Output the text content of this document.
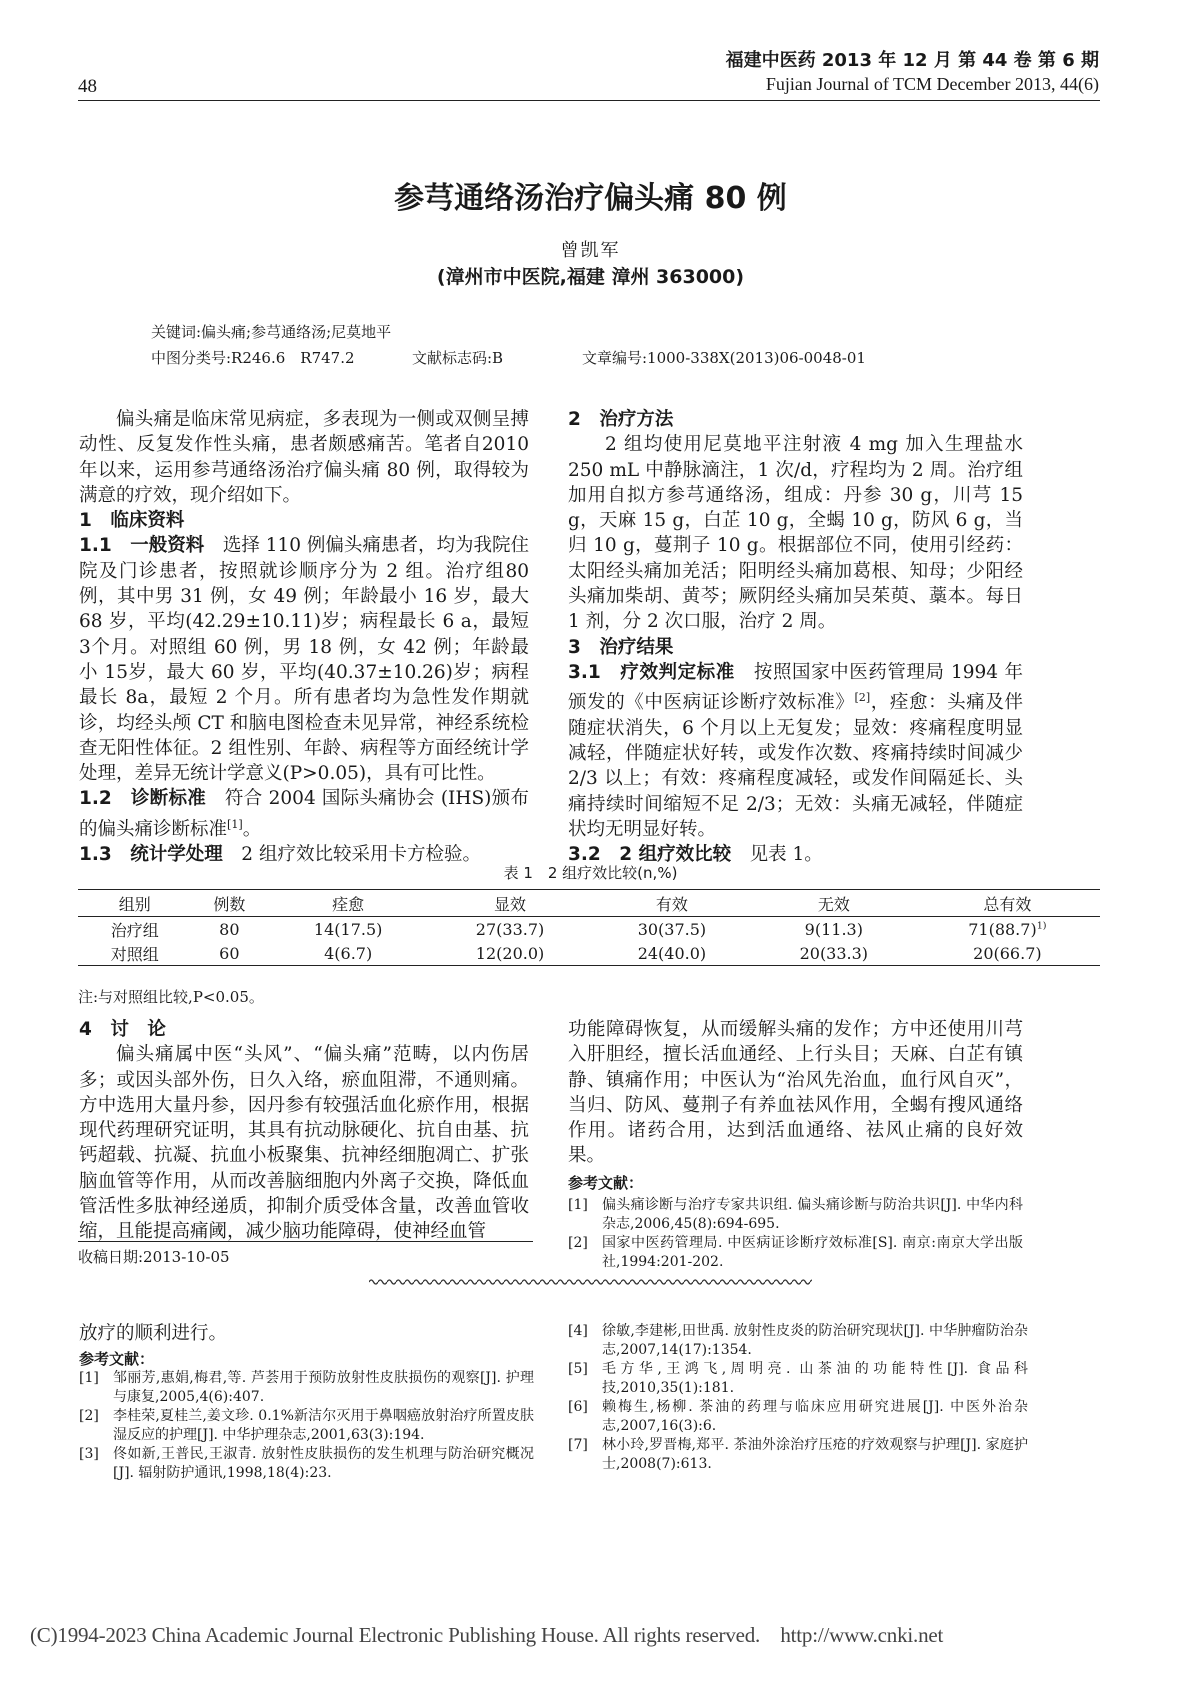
48
福建中医药 2013 年 12 月 第 44 卷 第 6 期
Fujian Journal of TCM December 2013, 44(6)
参芎通络汤治疗偏头痛 80 例
曾凯军
(漳州市中医院,福建 漳州 363000)
关键词:偏头痛;参芎通络汤;尼莫地平
中图分类号:R246.6　R747.2	文献标志码:B	文章编号:1000-338X(2013)06-0048-01

偏头痛是临床常见病症，多表现为一侧或双侧呈搏动性、反复发作性头痛，患者颇感痛苦。笔者自2010 年以来，运用参芎通络汤治疗偏头痛 80 例，取得较为满意的疗效，现介绍如下。

1　临床资料

1.1　一般资料　 选择 110 例偏头痛患者，均为我院住院及门诊患者，按照就诊顺序分为 2 组。治疗组80 例，其中男 31 例，女 49 例；年龄最小 16 岁，最大68 岁，平均(42.29±10.11)岁；病程最长 6 a，最短 3个月。对照组 60 例，男 18 例，女 42 例；年龄最小 15岁，最大 60 岁，平均(40.37±10.26)岁；病程最长 8a，最短 2 个月。所有患者均为急性发作期就诊，均经头颅 CT 和脑电图检查未见异常，神经系统检查无阳性体征。2 组性别、年龄、病程等方面经统计学处理，差异无统计学意义(P>0.05)，具有可比性。

1.2　诊断标准　 符合 2004 国际头痛协会 (IHS)颁布的偏头痛诊断标准[1]。

1.3　统计学处理　 2 组疗效比较采用卡方检验。

2　治疗方法

2 组均使用尼莫地平注射液 4 mg 加入生理盐水 250 mL 中静脉滴注，1 次/d，疗程均为 2 周。治疗组加用自拟方参芎通络汤，组成：丹参 30 g，川芎 15 g，天麻 15 g，白芷 10 g，全蝎 10 g，防风 6 g，当归 10 g，蔓荆子 10 g。根据部位不同，使用引经药：太阳经头痛加羌活；阳明经头痛加葛根、知母；少阳经头痛加柴胡、黄芩；厥阴经头痛加吴茱萸、藁本。每日 1 剂，分 2 次口服，治疗 2 周。

3　治疗结果

3.1　疗效判定标准　 按照国家中医药管理局 1994 年颁发的《中医病证诊断疗效标准》[2]，痊愈：头痛及伴随症状消失，6 个月以上无复发；显效：疼痛程度明显减轻，伴随症状好转，或发作次数、疼痛持续时间减少 2/3 以上；有效：疼痛程度减轻，或发作间隔延长、头痛持续时间缩短不足 2/3；无效：头痛无减轻，伴随症状均无明显好转。

3.2　2 组疗效比较　 见表 1。

表 1　2 组疗效比较(n,%)
组别	例数	痊愈	显效	有效	无效	总有效
治疗组	80	14(17.5)	27(33.7)	30(37.5)	9(11.3)	$71(88.7)^{1)}$
对照组	60	4(6.7)	12(20.0)	24(40.0)	20(33.3)	20(66.7)
注:与对照组比较,P<0.05。

4　讨　论

偏头痛属中医“头风”、“偏头痛”范畴，以内伤居多；或因头部外伤，日久入络，瘀血阻滞，不通则痛。方中选用大量丹参，因丹参有较强活血化瘀作用，根据现代药理研究证明，其具有抗动脉硬化、抗自由基、抗钙超载、抗凝、抗血小板聚集、抗神经细胞凋亡、扩张脑血管等作用，从而改善脑细胞内外离子交换，降低血管活性多肽神经递质，抑制介质受体含量，改善血管收缩，且能提高痛阈，减少脑功能障碍，使神经血管

功能障碍恢复，从而缓解头痛的发作；方中还使用川芎入肝胆经，擅长活血通经、上行头目；天麻、白芷有镇静、镇痛作用；中医认为“治风先治血，血行风自灭”，当归、防风、蔓荆子有养血祛风作用，全蝎有搜风通络作用。诸药合用，达到活血通络、祛风止痛的良好效果。

参考文献：
[1]	偏头痛诊断与治疗专家共识组. 偏头痛诊断与防治共识[J]. 中华内科杂志,2006,45(8):694-695.
[2]	国家中医药管理局. 中医病证诊断疗效标准[S]. 南京:南京大学出版社,1994:201-202.
收稿日期:2013-10-05
放疗的顺利进行。
参考文献：
[1]	邹丽芳,惠娟,梅君,等. 芦荟用于预防放射性皮肤损伤的观察[J]. 护理与康复,2005,4(6):407.
[2]	李桂荣,夏桂兰,姜文珍. 0.1%新洁尔灭用于鼻咽癌放射治疗所置皮肤湿反应的护理[J]. 中华护理杂志,2001,63(3):194.
[3]	佟如新,王普民,王淑青. 放射性皮肤损伤的发生机理与防治研究概况[J]. 辐射防护通讯,1998,18(4):23.
[4]	徐敏,李建彬,田世禹. 放射性皮炎的防治研究现状[J]. 中华肿瘤防治杂志,2007,14(17):1354.
[5]	毛方华,王鸿飞,周明亮. 山茶油的功能特性[J]. 食品科技,2010,35(1):181.
[6]	赖梅生,杨柳. 茶油的药理与临床应用研究进展[J]. 中医外治杂志,2007,16(3):6.
[7]	林小玲,罗晋梅,郑平. 茶油外涂治疗压疮的疗效观察与护理[J]. 家庭护士,2008(7):613.
(C)1994-2023 China Academic Journal Electronic Publishing House. All rights reserved. http://www.cnki.net
